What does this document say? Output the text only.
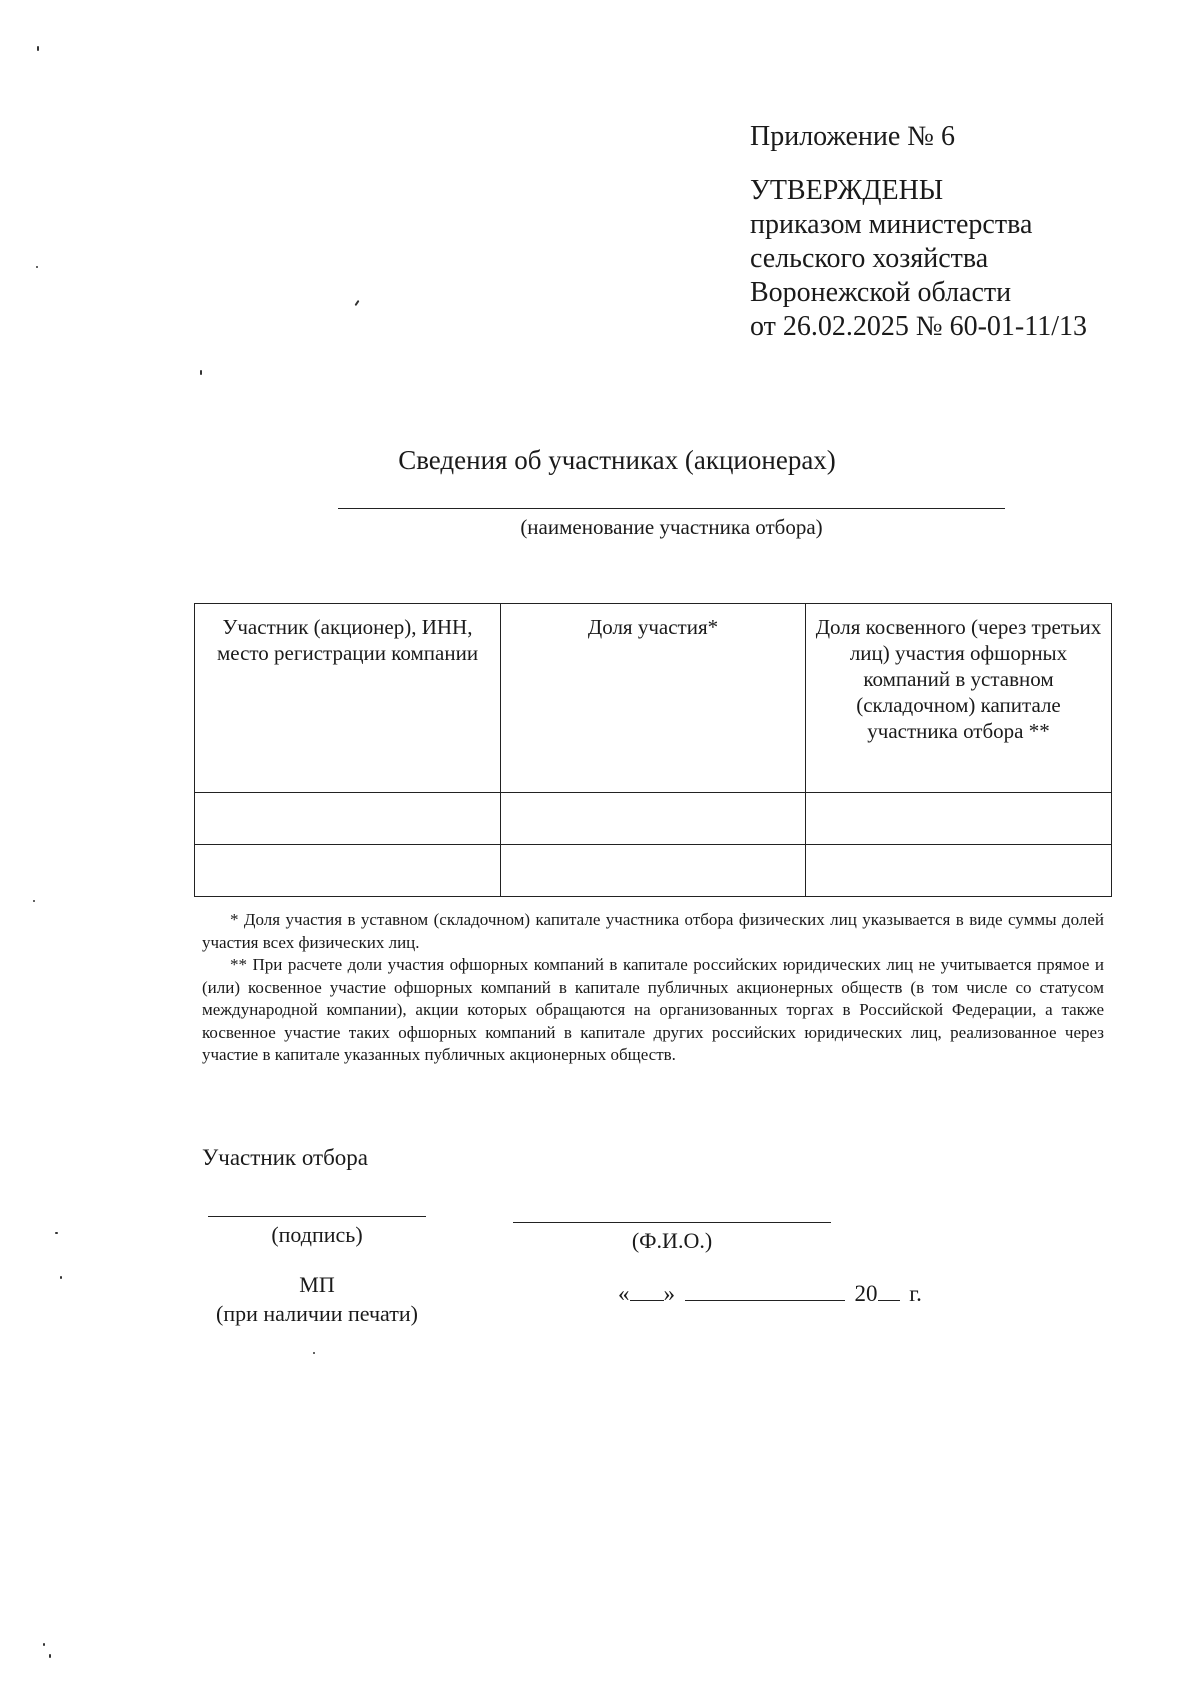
Приложение № 6
УТВЕРЖДЕНЫ
приказом министерства
сельского хозяйства
Воронежской области
от 26.02.2025 № 60-01-11/13
Сведения об участниках (акционерах)
(наименование участника отбора)
Участник (акционер), ИНН, место регистрации компании	Доля участия*	Доля косвенного (через третьих лиц) участия офшорных компаний в уставном (складочном) капитале участника отбора **

* Доля участия в уставном (складочном) капитале участника отбора физических лиц указывается в виде суммы долей участия всех физических лиц.

** При расчете доли участия офшорных компаний в капитале российских юридических лиц не учитывается прямое и (или) косвенное участие офшорных компаний в капитале публичных акционерных обществ (в том числе со статусом международной компании), акции которых обращаются на организованных торгах в Российской Федерации, а также косвенное участие таких офшорных компаний в капитале других российских юридических лиц, реализованное через участие в капитале указанных публичных акционерных обществ.

Участник отбора
(подпись)	(Ф.И.О.)
МП
(при наличии печати)
« »	20 г.
